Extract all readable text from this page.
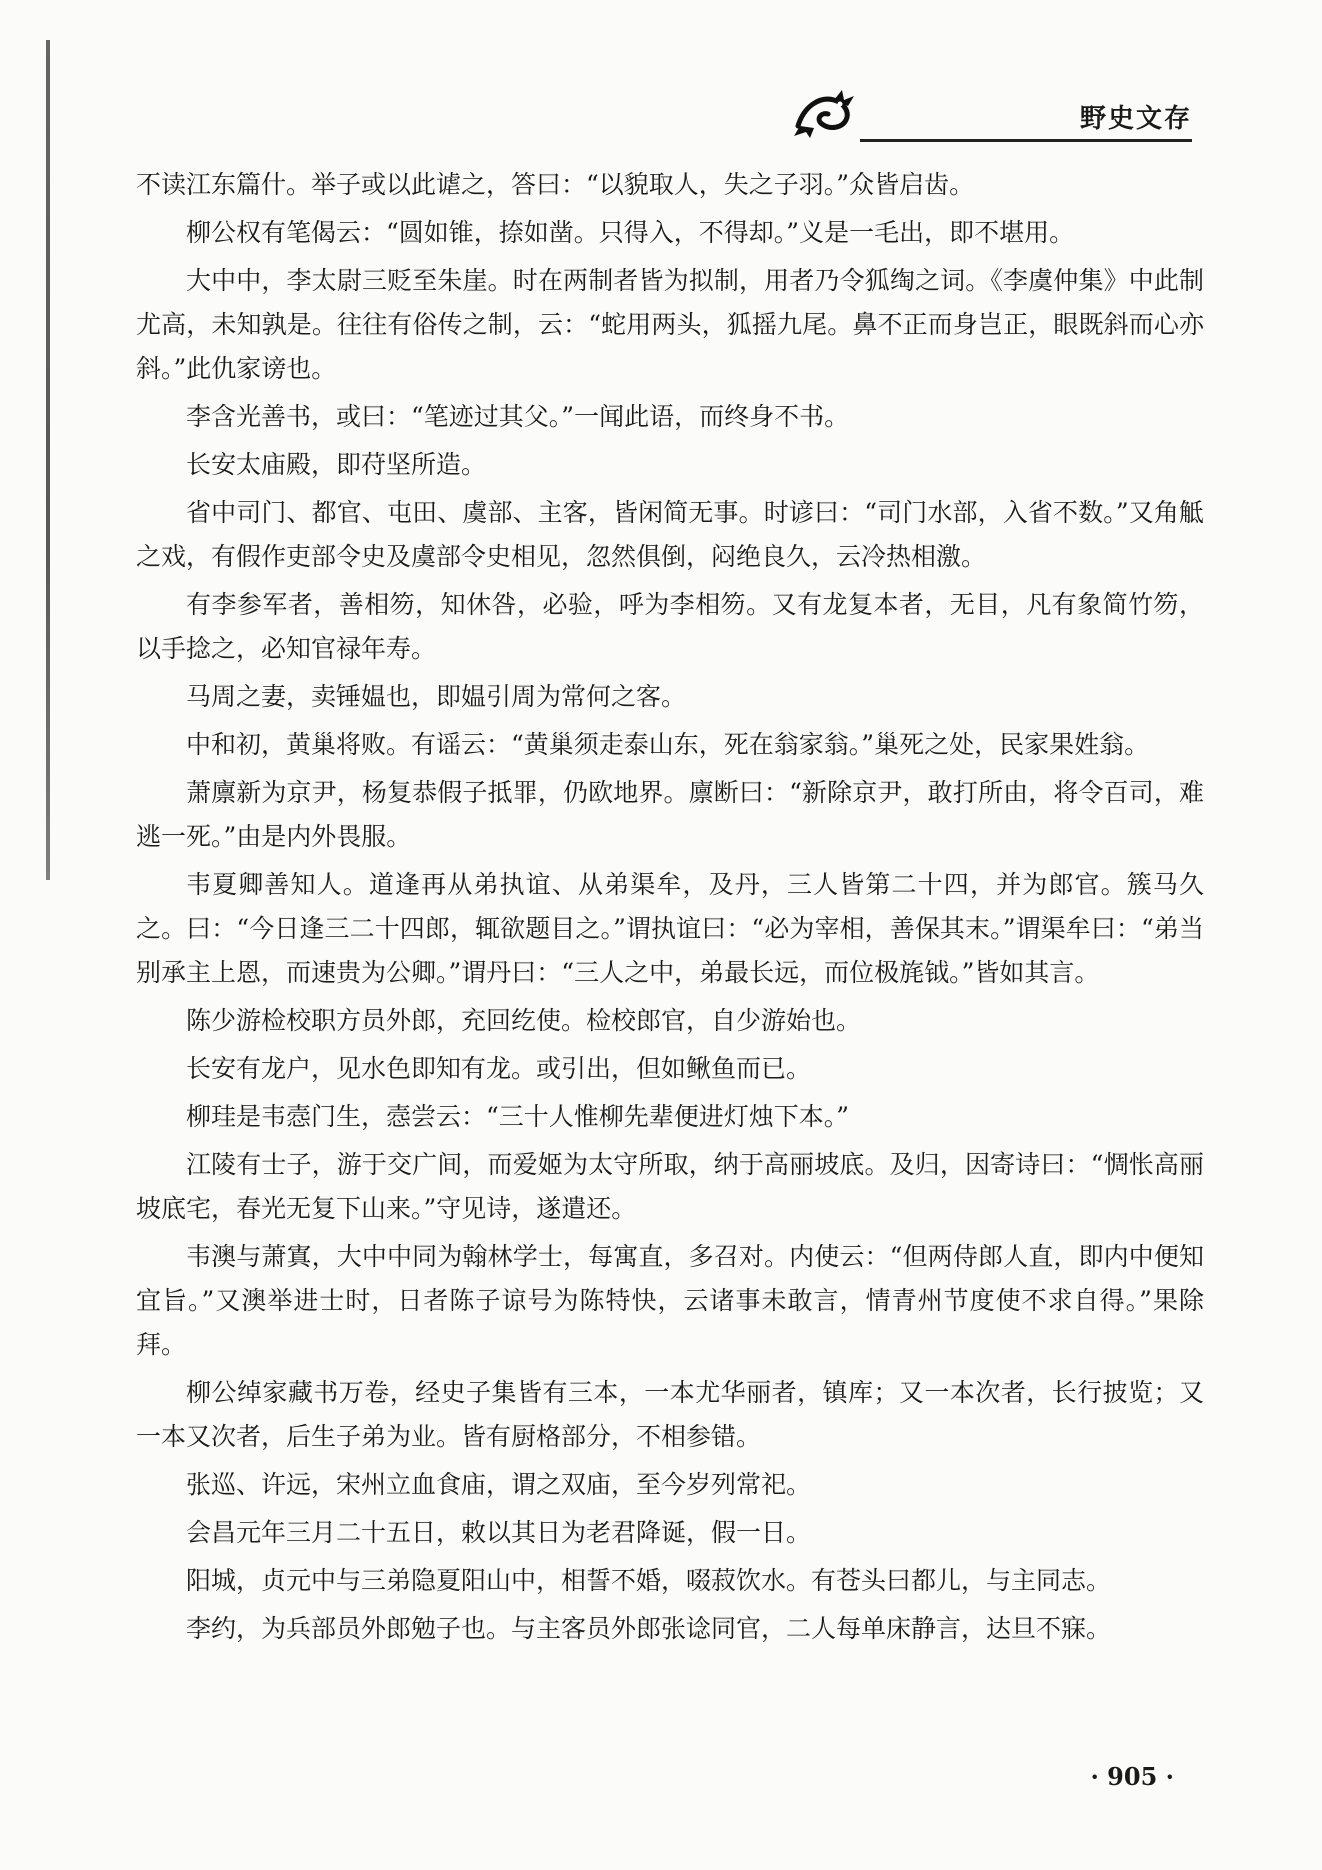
野史文存

不读江东篇什。举子或以此谑之，答曰：“以貌取人，失之子羽。”众皆启齿。

柳公权有笔偈云：“圆如锥，捺如凿。只得入，不得却。”义是一毛出，即不堪用。

大中中，李太尉三贬至朱崖。时在两制者皆为拟制，用者乃令狐绹之词。《李虞仲集》中此制尤高，未知孰是。往往有俗传之制，云：“蛇用两头，狐摇九尾。鼻不正而身岂正，眼既斜而心亦斜。”此仇家谤也。

李含光善书，或曰：“笔迹过其父。”一闻此语，而终身不书。

长安太庙殿，即苻坚所造。

省中司门、都官、屯田、虞部、主客，皆闲简无事。时谚曰：“司门水部，入省不数。”又角觝之戏，有假作吏部令史及虞部令史相见，忽然俱倒，闷绝良久，云冷热相激。

有李参军者，善相笏，知休咎，必验，呼为李相笏。又有龙复本者，无目，凡有象简竹笏，以手捻之，必知官禄年寿。

马周之妻，卖锤媪也，即媪引周为常何之客。

中和初，黄巢将败。有谣云：“黄巢须走泰山东，死在翁家翁。”巢死之处，民家果姓翁。

萧廪新为京尹，杨复恭假子抵罪，仍欧地界。廪断曰：“新除京尹，敢打所由，将令百司，难逃一死。”由是内外畏服。

韦夏卿善知人。道逢再从弟执谊、从弟渠牟，及丹，三人皆第二十四，并为郎官。簇马久之。曰：“今日逢三二十四郎，辄欲题目之。”谓执谊曰：“必为宰相，善保其末。”谓渠牟曰：“弟当别承主上恩，而速贵为公卿。”谓丹曰：“三人之中，弟最长远，而位极旄钺。”皆如其言。

陈少游检校职方员外郎，充回纥使。检校郎官，自少游始也。

长安有龙户，见水色即知有龙。或引出，但如鳅鱼而已。

柳珪是韦悫门生，悫尝云：“三十人惟柳先辈便进灯烛下本。”

江陵有士子，游于交广间，而爱姬为太守所取，纳于高丽坡底。及归，因寄诗曰：“惆怅高丽坡底宅，春光无复下山来。”守见诗，遂遣还。

韦澳与萧寘，大中中同为翰林学士，每寓直，多召对。内使云：“但两侍郎人直，即内中便知宜旨。”又澳举进士时，日者陈子谅号为陈特快，云诸事未敢言，情青州节度使不求自得。”果除拜。

柳公绰家藏书万卷，经史子集皆有三本，一本尤华丽者，镇库；又一本次者，长行披览；又一本又次者，后生子弟为业。皆有厨格部分，不相参错。

张巡、许远，宋州立血食庙，谓之双庙，至今岁列常祀。

会昌元年三月二十五日，敕以其日为老君降诞，假一日。

阳城，贞元中与三弟隐夏阳山中，相誓不婚，啜菽饮水。有苍头曰都儿，与主同志。

李约，为兵部员外郎勉子也。与主客员外郎张谂同官，二人每单床静言，达旦不寐。

· 905 ·
